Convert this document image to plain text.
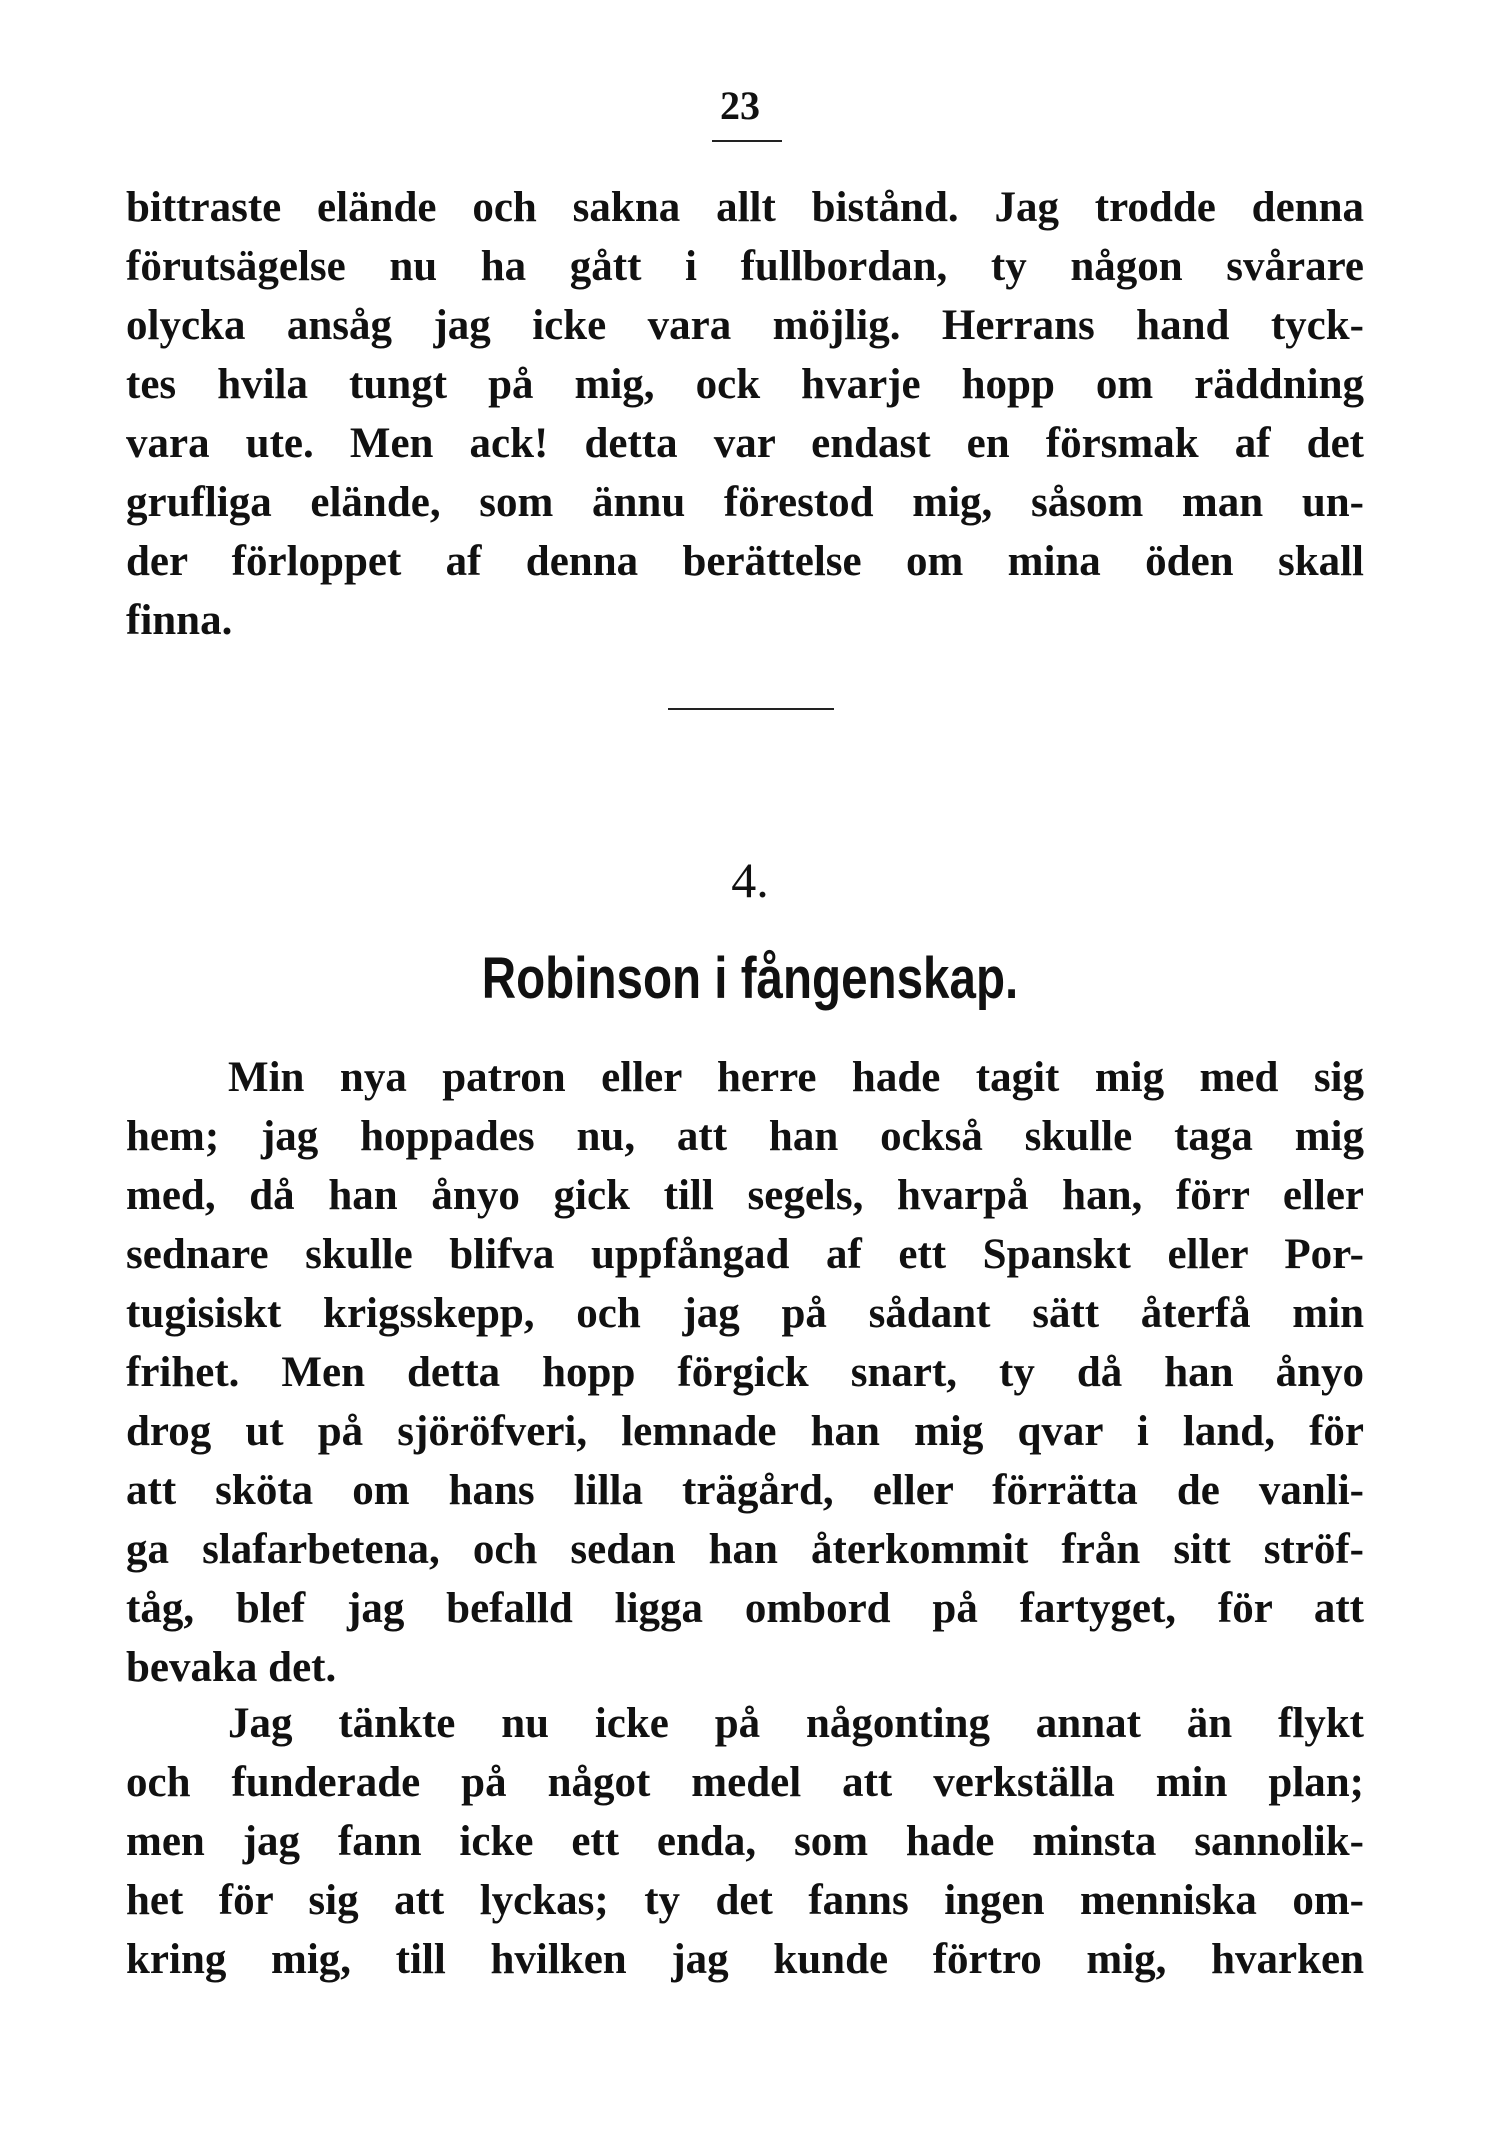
23
bittraste elände och sakna allt bistånd. Jag trodde denna
förutsägelse nu ha gått i fullbordan, ty någon svårare
olycka ansåg jag icke vara möjlig. Herrans hand tyck-
tes hvila tungt på mig, ock hvarje hopp om räddning
vara ute. Men ack! detta var endast en försmak af det
grufliga elände, som ännu förestod mig, såsom man un-
der förloppet af denna berättelse om mina öden skall
finna.
4.
Robinson i fångenskap.
Min nya patron eller herre hade tagit mig med sig
hem; jag hoppades nu, att han också skulle taga mig
med, då han ånyo gick till segels, hvarpå han, förr eller
sednare skulle blifva uppfångad af ett Spanskt eller Por-
tugisiskt krigsskepp, och jag på sådant sätt återfå min
frihet. Men detta hopp förgick snart, ty då han ånyo
drog ut på sjöröfveri, lemnade han mig qvar i land, för
att sköta om hans lilla trägård, eller förrätta de vanli-
ga slafarbetena, och sedan han återkommit från sitt ströf-
tåg, blef jag befalld ligga ombord på fartyget, för att
bevaka det.
Jag tänkte nu icke på någonting annat än flykt
och funderade på något medel att verkställa min plan;
men jag fann icke ett enda, som hade minsta sannolik-
het för sig att lyckas; ty det fanns ingen menniska om-
kring mig, till hvilken jag kunde förtro mig, hvarken
